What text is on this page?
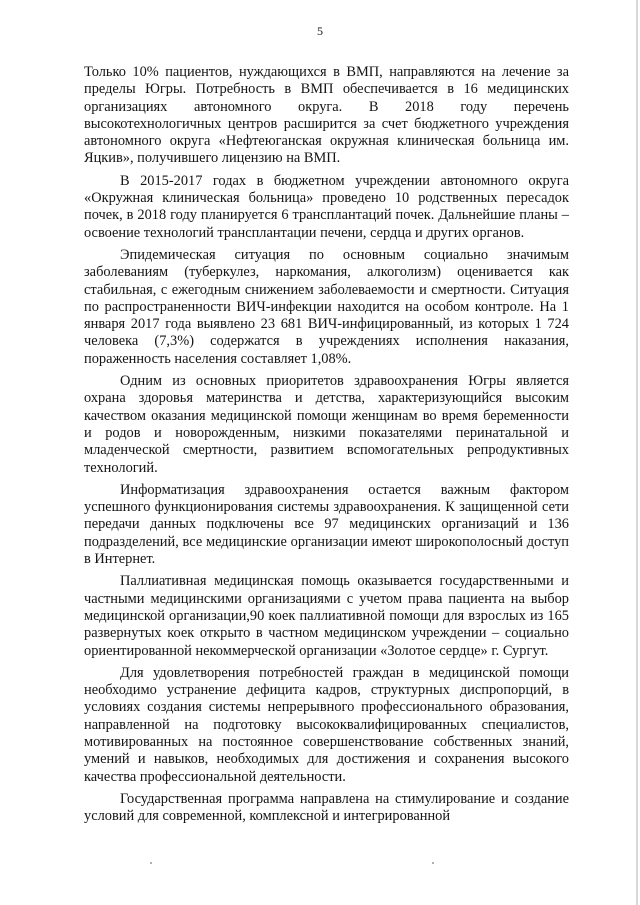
5

Только 10% пациентов, нуждающихся в ВМП, направляются на лечение за пределы Югры. Потребность в ВМП обеспечивается в 16 медицинских организациях автономного округа. В 2018 году перечень высокотехнологичных центров расширится за счет бюджетного учреждения автономного округа «Нефтеюганская окружная клиническая больница им. Яцкив», получившего лицензию на ВМП.

В 2015-2017 годах в бюджетном учреждении автономного округа «Окружная клиническая больница» проведено 10 родственных пересадок почек, в 2018 году планируется 6 трансплантаций почек. Дальнейшие планы – освоение технологий трансплантации печени, сердца и других органов.

Эпидемическая ситуация по основным социально значимым заболеваниям (туберкулез, наркомания, алкоголизм) оценивается как стабильная, с ежегодным снижением заболеваемости и смертности. Ситуация по распространенности ВИЧ-инфекции находится на особом контроле. На 1 января 2017 года выявлено 23 681 ВИЧ-инфицированный, из которых 1 724 человека (7,3%) содержатся в учреждениях исполнения наказания, пораженность населения составляет 1,08%.

Одним из основных приоритетов здравоохранения Югры является охрана здоровья материнства и детства, характеризующийся высоким качеством оказания медицинской помощи женщинам во время беременности и родов и новорожденным, низкими показателями перинатальной и младенческой смертности, развитием вспомогательных репродуктивных технологий.

Информатизация здравоохранения остается важным фактором успешного функционирования системы здравоохранения. К защищенной сети передачи данных подключены все 97 медицинских организаций и 136 подразделений, все медицинские организации имеют широкополосный доступ в Интернет.

Паллиативная медицинская помощь оказывается государственными и частными медицинскими организациями с учетом права пациента на выбор медицинской организации,90 коек паллиативной помощи для взрослых из 165 развернутых коек открыто в частном медицинском учреждении – социально ориентированной некоммерческой организации «Золотое сердце» г. Сургут.

Для удовлетворения потребностей граждан в медицинской помощи необходимо устранение дефицита кадров, структурных диспропорций, в условиях создания системы непрерывного профессионального образования, направленной на подготовку высококвалифицированных специалистов, мотивированных на постоянное совершенствование собственных знаний, умений и навыков, необходимых для достижения и сохранения высокого качества профессиональной деятельности.

Государственная программа направлена на стимулирование и создание условий для современной, комплексной и интегрированной
